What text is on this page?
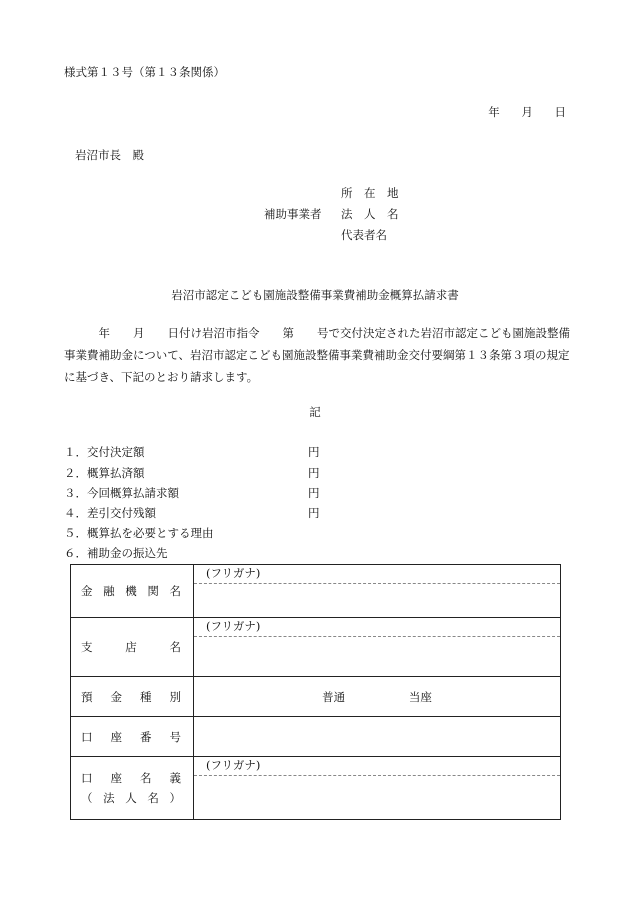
様式第１３号（第１３条関係）
年 月 日
岩沼市長　殿
補助事業者
所　在　地
法　人　名
代表者名
岩沼市認定こども園施設整備事業費補助金概算払請求書
　　　年　　月　　日付け岩沼市指令　　第　　号で交付決定された岩沼市認定こども園施設整備事業費補助金について、岩沼市認定こども園施設整備事業費補助金交付要綱第１３条第３項の規定に基づき、下記のとおり請求します。
記
１．交付決定額	円
２．概算払済額	円
３．今回概算払請求額	円
４．差引交付残額	円
５．概算払を必要とする理由
６．補助金の振込先
金融機関名	(フリガナ)

支 店 名	(フリガナ)

預金種別	普通 当座

口座番号	

口座名義
（法人名）	(フリガナ)
